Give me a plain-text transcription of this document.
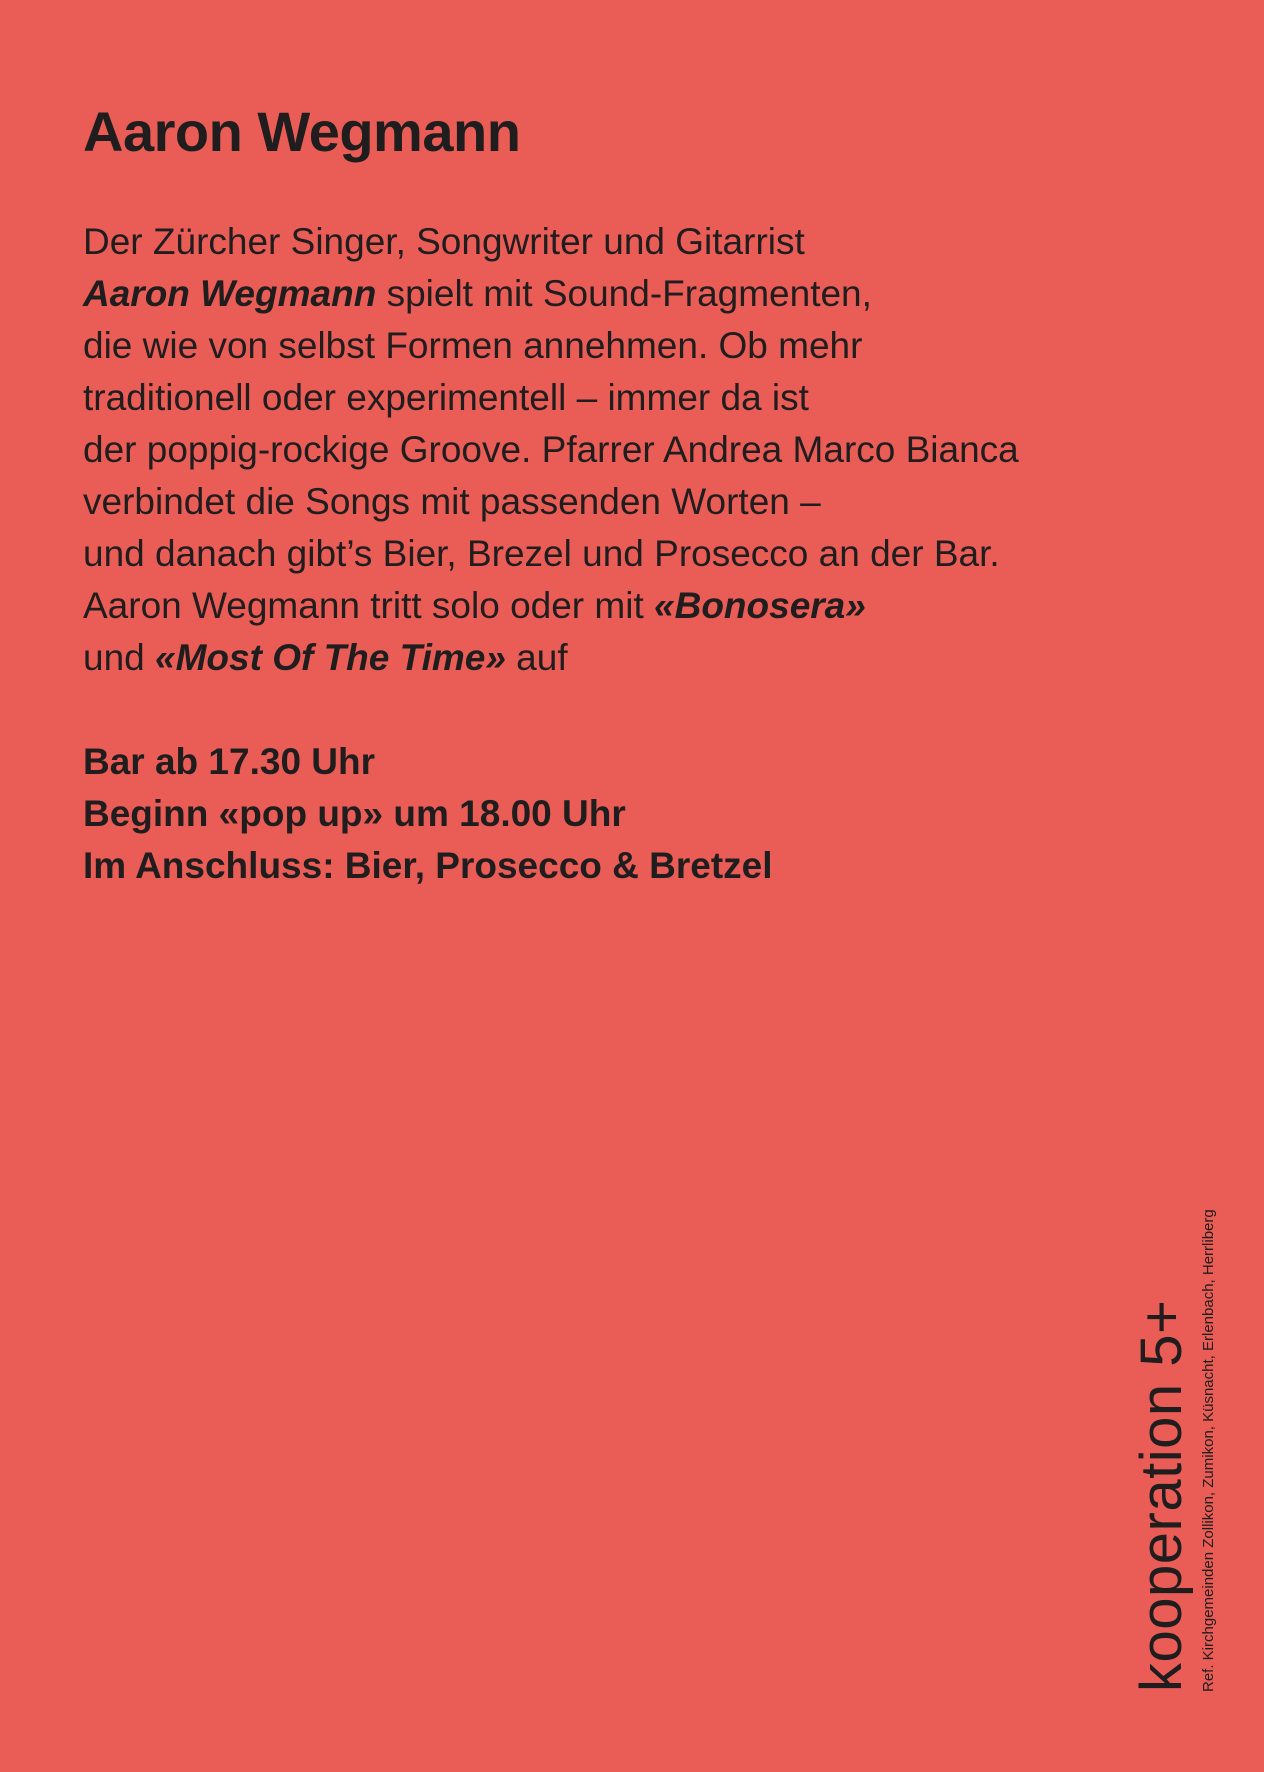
Aaron Wegmann

Der Zürcher Singer, Songwriter und Gitarrist
Aaron Wegmann spielt mit Sound-Fragmenten,
die wie von selbst Formen annehmen. Ob mehr
traditionell oder experimentell – immer da ist
der poppig-rockige Groove. Pfarrer Andrea Marco Bianca
verbindet die Songs mit passenden Worten –
und danach gibt’s Bier, Brezel und Prosecco an der Bar.
Aaron Wegmann tritt solo oder mit «Bonosera»
und «Most Of The Time» auf

Bar ab 17.30 Uhr
Beginn «pop up» um 18.00 Uhr
Im Anschluss: Bier, Prosecco & Bretzel

kooperation 5+ Ref. Kirchgemeinden Zollikon, Zumikon, Küsnacht, Erlenbach, Herrliberg
